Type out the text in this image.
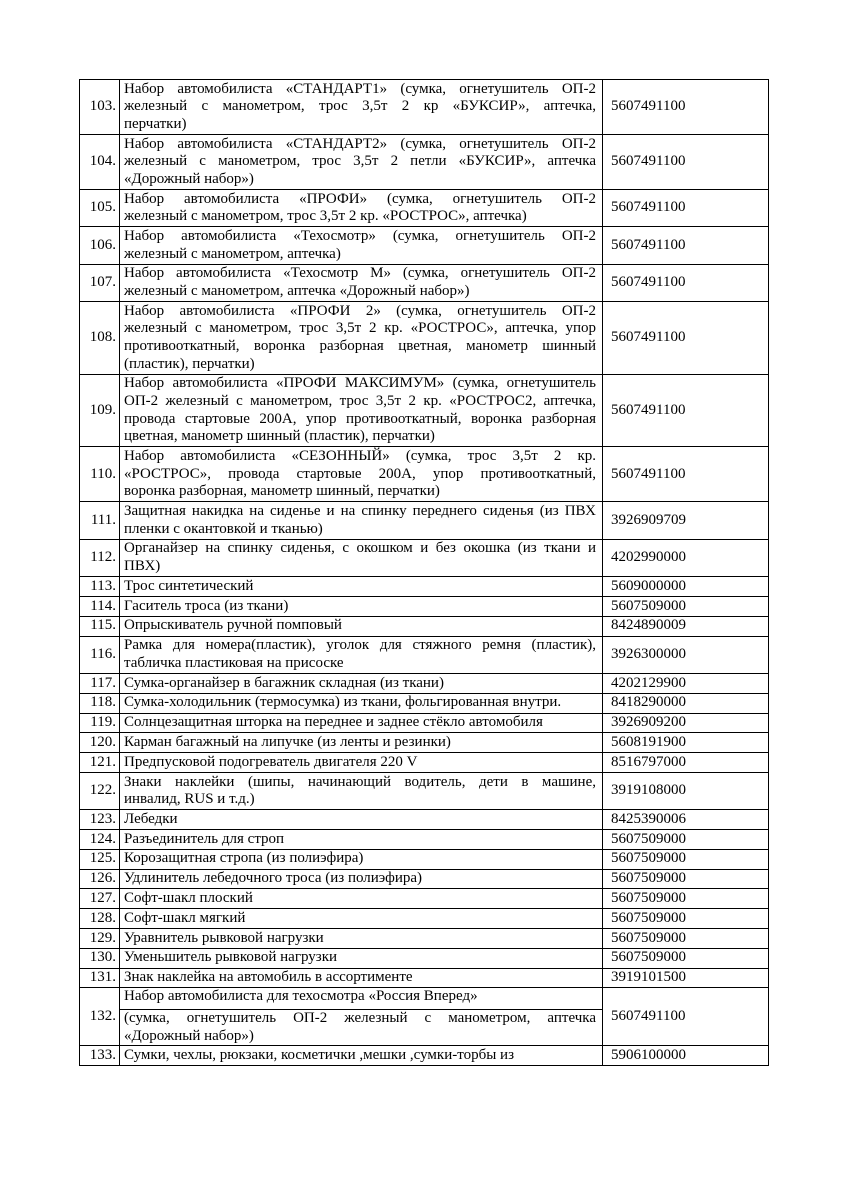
103.	Набор автомобилиста «СТАНДАРТ1» (сумка, огнетушитель ОП-2
железный с манометром, трос 3,5т 2 кр «БУКСИР», аптечка,
перчатки)	5607491100
104.	Набор автомобилиста «СТАНДАРТ2» (сумка, огнетушитель ОП-2
железный с манометром, трос 3,5т 2 петли «БУКСИР», аптечка
«Дорожный набор»)	5607491100
105.	Набор автомобилиста «ПРОФИ» (сумка, огнетушитель ОП-2
железный с манометром, трос 3,5т 2 кр. «РОСТРОС», аптечка)	5607491100
106.	Набор автомобилиста «Техосмотр» (сумка, огнетушитель ОП-2
железный с манометром, аптечка)	5607491100
107.	Набор автомобилиста «Техосмотр М» (сумка, огнетушитель ОП-2
железный с манометром, аптечка «Дорожный набор»)	5607491100
108.	Набор автомобилиста «ПРОФИ 2» (сумка, огнетушитель ОП-2
железный с манометром, трос 3,5т 2 кр. «РОСТРОС», аптечка, упор
противооткатный, воронка разборная цветная, манометр шинный
(пластик), перчатки)	5607491100
109.	Набор автомобилиста «ПРОФИ МАКСИМУМ» (сумка, огнетушитель
ОП-2 железный с манометром, трос 3,5т 2 кр. «РОСТРОС2, аптечка,
провода стартовые 200А, упор противооткатный, воронка разборная
цветная, манометр шинный (пластик), перчатки)	5607491100
110.	Набор автомобилиста «СЕЗОННЫЙ» (сумка, трос 3,5т 2 кр.
«РОСТРОС», провода стартовые 200А, упор противооткатный,
воронка разборная, манометр шинный, перчатки)	5607491100
111.	Защитная накидка на сиденье и на спинку переднего сиденья (из ПВХ
пленки с окантовкой и тканью)	3926909709
112.	Органайзер на спинку сиденья, с окошком и без окошка (из ткани и
ПВХ)	4202990000
113.	Трос синтетический	5609000000
114.	Гаситель троса (из ткани)	5607509000
115.	Опрыскиватель ручной помповый	8424890009
116.	Рамка для номера(пластик), уголок для стяжного ремня (пластик),
табличка пластиковая на присоске	3926300000
117.	Сумка-органайзер в багажник складная (из ткани)	4202129900
118.	Сумка-холодильник (термосумка) из ткани, фольгированная внутри.	8418290000
119.	Солнцезащитная шторка на переднее и заднее стёкло автомобиля	3926909200
120.	Карман багажный на липучке (из ленты и резинки)	5608191900
121.	Предпусковой подогреватель двигателя 220 V	8516797000
122.	Знаки наклейки (шипы, начинающий водитель, дети в машине,
инвалид, RUS и т.д.)	3919108000
123.	Лебедки	8425390006
124.	Разъединитель для строп	5607509000
125.	Корозащитная стропа (из полиэфира)	5607509000
126.	Удлинитель лебедочного троса (из полиэфира)	5607509000
127.	Софт-шакл плоский	5607509000
128.	Софт-шакл мягкий	5607509000
129.	Уравнитель рывковой нагрузки	5607509000
130.	Уменьшитель рывковой нагрузки	5607509000
131.	Знак наклейка на автомобиль в ассортименте	3919101500
132.	Набор автомобилиста для техосмотра «Россия Вперед»
(сумка, огнетушитель ОП-2 железный с манометром, аптечка
«Дорожный набор»)	5607491100
133.	Сумки, чехлы, рюкзаки, косметички ,мешки ,сумки-торбы из	5906100000
